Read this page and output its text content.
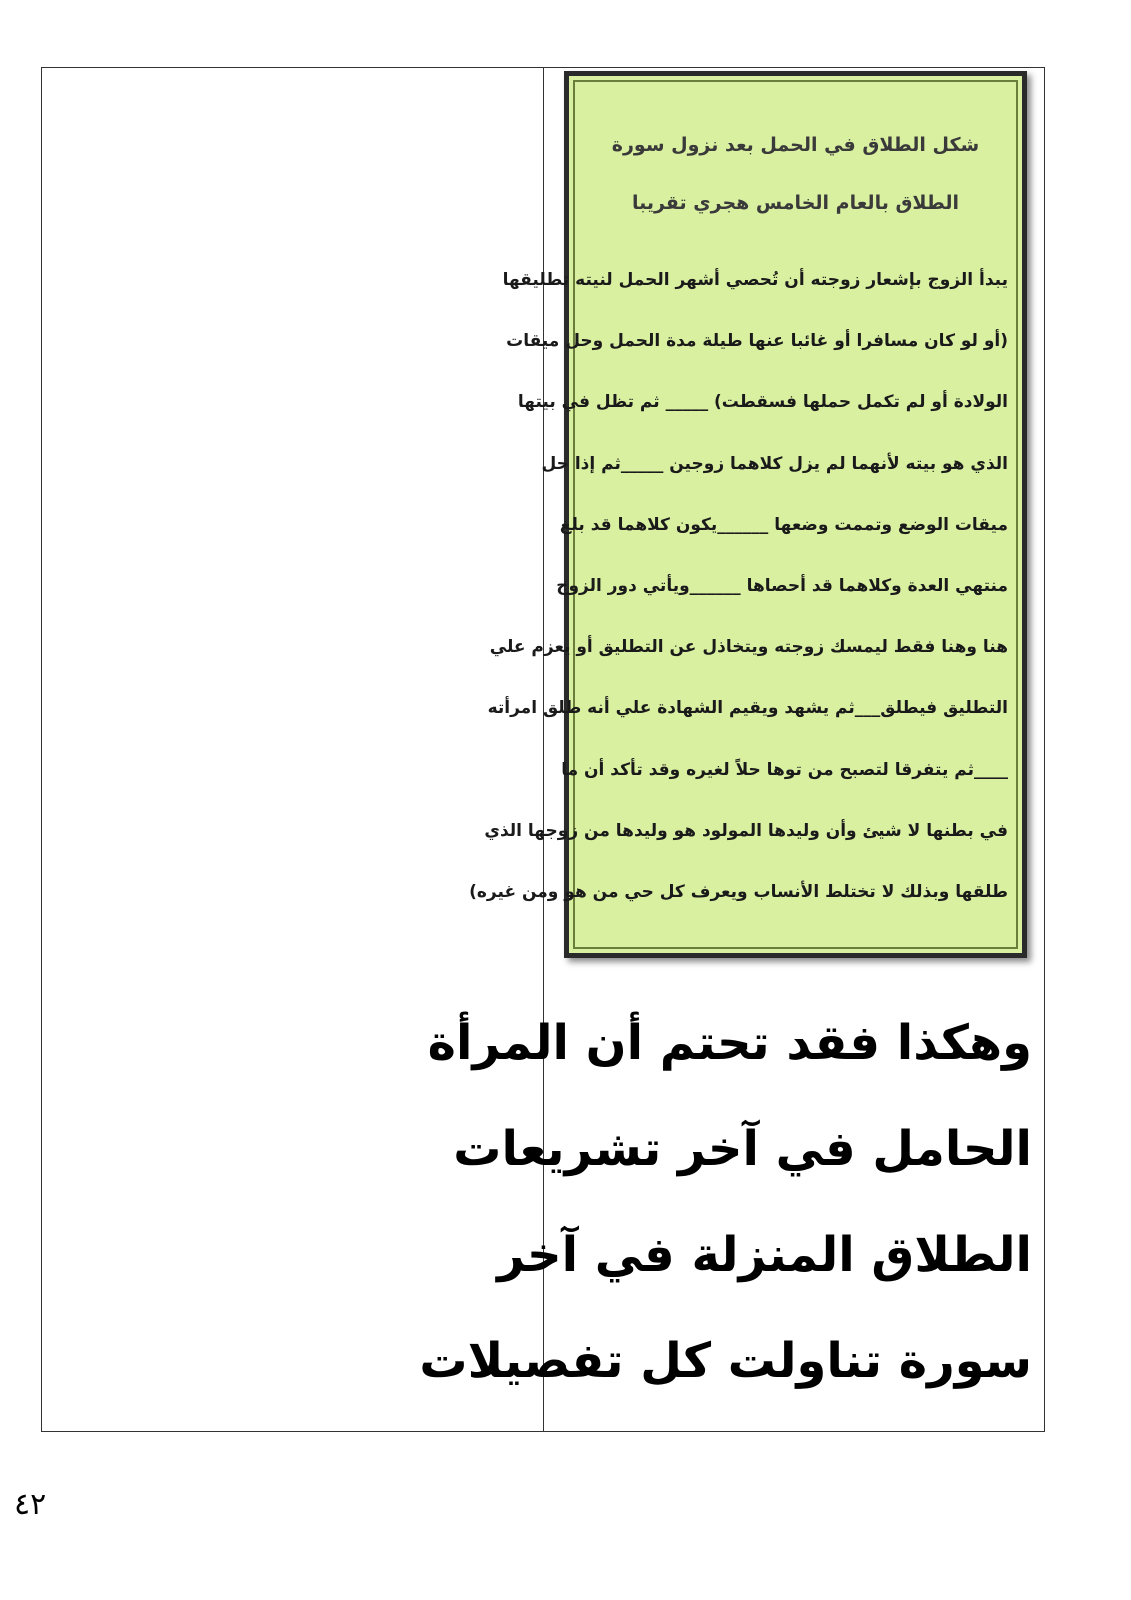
شكل الطلاق في الحمل بعد نزول سورة الطلاق بالعام الخامس هجري تقريبا
يبدأ الزوج بإشعار زوجته أن تُحصي أشهر الحمل لنيته تطليقها
(أو لو كان مسافرا أو غائبا عنها طيلة مدة الحمل وحل ميقات
الولادة أو لم تكمل حملها فسقطت) _____ ثم تظل في بيتها
الذي هو بيته لأنهما لم يزل كلاهما زوجين _____ثم إذا حل
ميقات الوضع وتممت وضعها ______يكون كلاهما قد بلغ
منتهي العدة وكلاهما قد أحصاها ______ويأتي دور الزوج
هنا وهنا فقط ليمسك زوجته ويتخاذل عن التطليق أو يعزم علي
التطليق فيطلق___ثم يشهد ويقيم الشهادة علي أنه طلق امرأته
____ثم يتفرقا لتصبح من توها حلاً لغيره وقد تأكد أن ما
في بطنها لا شيئ وأن وليدها المولود هو وليدها من زوجها الذي
طلقها وبذلك لا تختلط الأنساب ويعرف كل حي من هو ومن غيره)
وهكذا فقد تحتم أن المرأة
الحامل في آخر تشريعات
الطلاق المنزلة في آخر
سورة تناولت كل تفصيلات
٤٢
